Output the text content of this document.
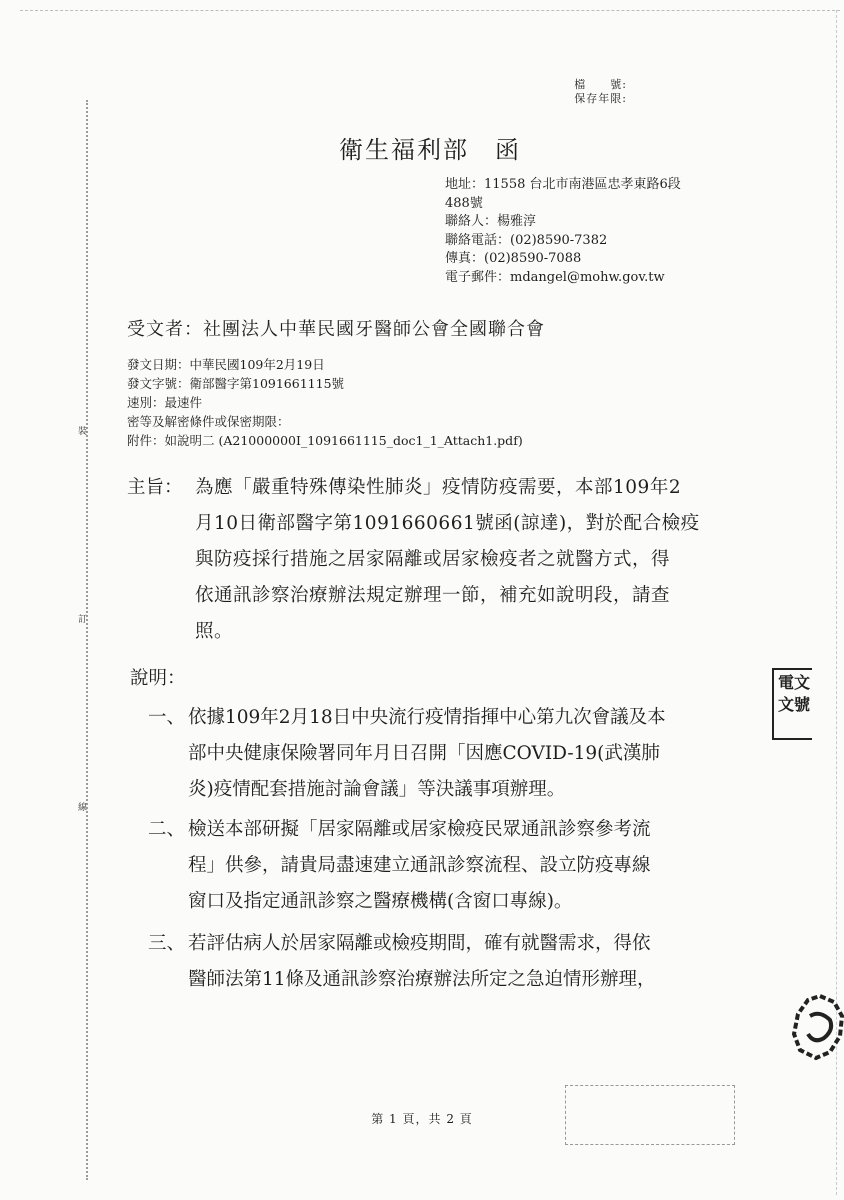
裝
訂
線
檔　　號:
保存年限:
衛生福利部　函
地址：11558 台北市南港區忠孝東路6段
488號
聯絡人：楊雅淳
聯絡電話：(02)8590-7382
傳真：(02)8590-7088
電子郵件：mdangel@mohw.gov.tw
受文者：社團法人中華民國牙醫師公會全國聯合會
發文日期：中華民國109年2月19日
發文字號：衛部醫字第1091661115號
速別：最速件
密等及解密條件或保密期限：
附件：如說明二 (A21000000I_1091661115_doc1_1_Attach1.pdf)
主旨： 為應「嚴重特殊傳染性肺炎」疫情防疫需要，本部109年2
月10日衛部醫字第1091660661號函(諒達)，對於配合檢疫
與防疫採行措施之居家隔離或居家檢疫者之就醫方式，得
依通訊診察治療辦法規定辦理一節，補充如說明段，請查
照。
說明：
一、 依據109年2月18日中央流行疫情指揮中心第九次會議及本
部中央健康保險署同年月日召開「因應COVID-19(武漢肺
炎)疫情配套措施討論會議」等決議事項辦理。
二、 檢送本部研擬「居家隔離或居家檢疫民眾通訊診察參考流
程」供參，請貴局盡速建立通訊診察流程、設立防疫專線
窗口及指定通訊診察之醫療機構(含窗口專線)。
三、 若評估病人於居家隔離或檢疫期間，確有就醫需求，得依
醫師法第11條及通訊診察治療辦法所定之急迫情形辦理，
電文文號
第 1 頁，共 2 頁
